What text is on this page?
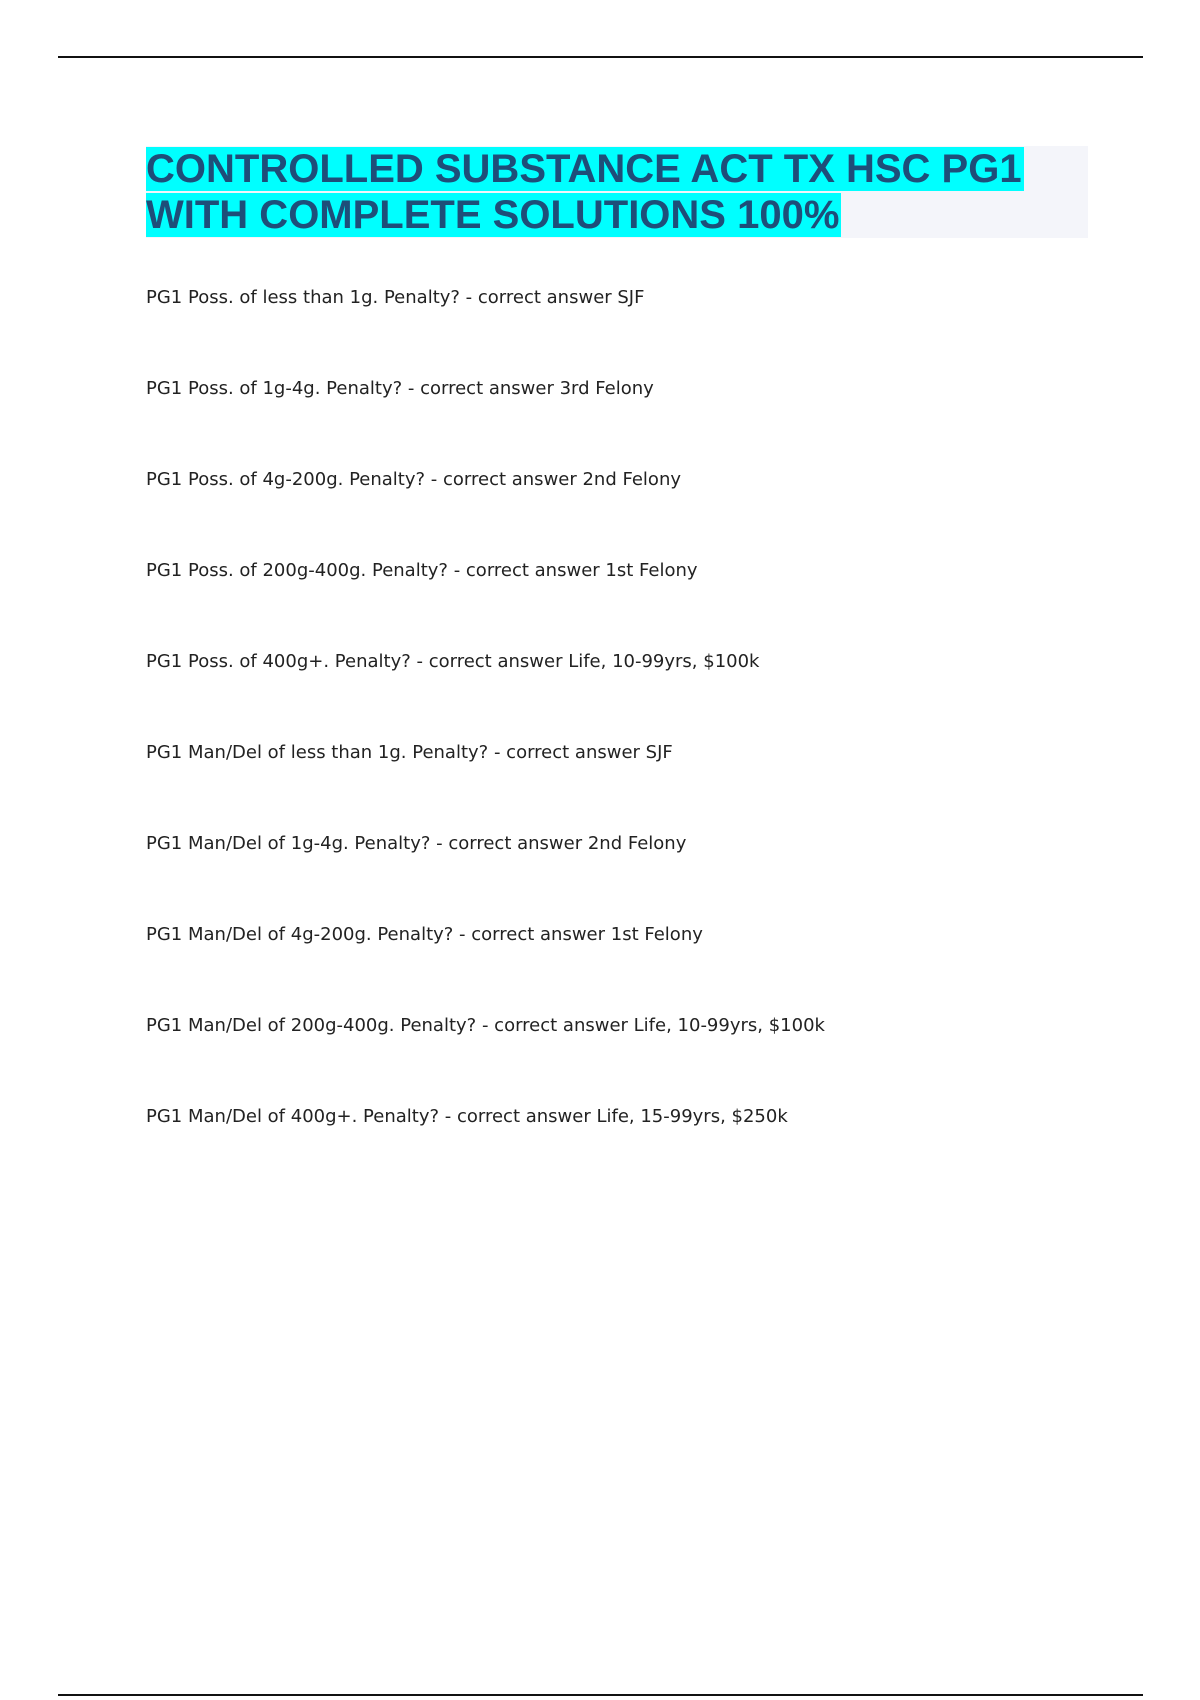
CONTROLLED SUBSTANCE ACT TX HSC PG1
WITH COMPLETE SOLUTIONS 100%
PG1 Poss. of less than 1g. Penalty? - correct answer SJF
PG1 Poss. of 1g-4g. Penalty? - correct answer 3rd Felony
PG1 Poss. of 4g-200g. Penalty? - correct answer 2nd Felony
PG1 Poss. of 200g-400g. Penalty? - correct answer 1st Felony
PG1 Poss. of 400g+. Penalty? - correct answer Life, 10-99yrs, $100k
PG1 Man/Del of less than 1g. Penalty? - correct answer SJF
PG1 Man/Del of 1g-4g. Penalty? - correct answer 2nd Felony
PG1 Man/Del of 4g-200g. Penalty? - correct answer 1st Felony
PG1 Man/Del of 200g-400g. Penalty? - correct answer Life, 10-99yrs, $100k
PG1 Man/Del of 400g+. Penalty? - correct answer Life, 15-99yrs, $250k
